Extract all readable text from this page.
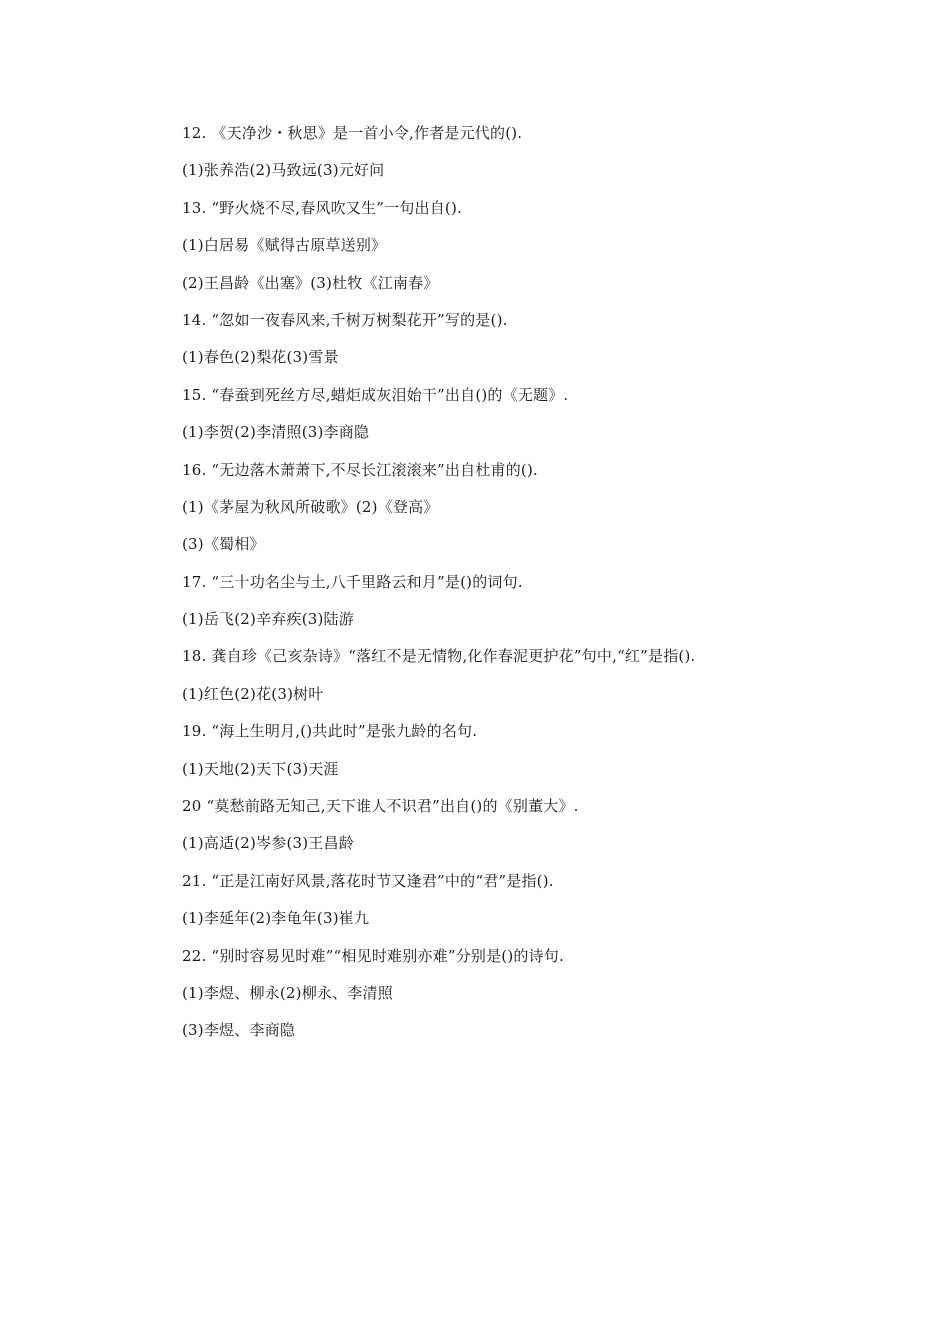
12. 《天净沙・秋思》是一首小令,作者是元代的().
(1)张养浩(2)马致远(3)元好问
13. “野火烧不尽,春风吹又生”一句出自().
(1)白居易《赋得古原草送别》
(2)王昌龄《出塞》(3)杜牧《江南春》
14. “忽如一夜春风来,千树万树梨花开”写的是().
(1)春色(2)梨花(3)雪景
15. “春蚕到死丝方尽,蜡炬成灰泪始干”出自()的《无题》.
(1)李贺(2)李清照(3)李商隐
16. “无边落木萧萧下,不尽长江滚滚来”出自杜甫的().
(1)《茅屋为秋风所破歌》(2)《登高》
(3)《蜀相》
17. “三十功名尘与土,八千里路云和月”是()的词句.
(1)岳飞(2)辛弃疾(3)陆游
18. 龚自珍《己亥杂诗》“落红不是无情物,化作春泥更护花”句中,“红”是指().
(1)红色(2)花(3)树叶
19. “海上生明月,()共此时”是张九龄的名句.
(1)天地(2)天下(3)天涯
20 “莫愁前路无知己,天下谁人不识君”出自()的《别董大》.
(1)高适(2)岑参(3)王昌龄
21. “正是江南好风景,落花时节又逢君”中的“君”是指().
(1)李延年(2)李龟年(3)崔九
22. “别时容易见时难”“相见时难别亦难”分别是()的诗句.
(1)李煜、柳永(2)柳永、李清照
(3)李煜、李商隐
